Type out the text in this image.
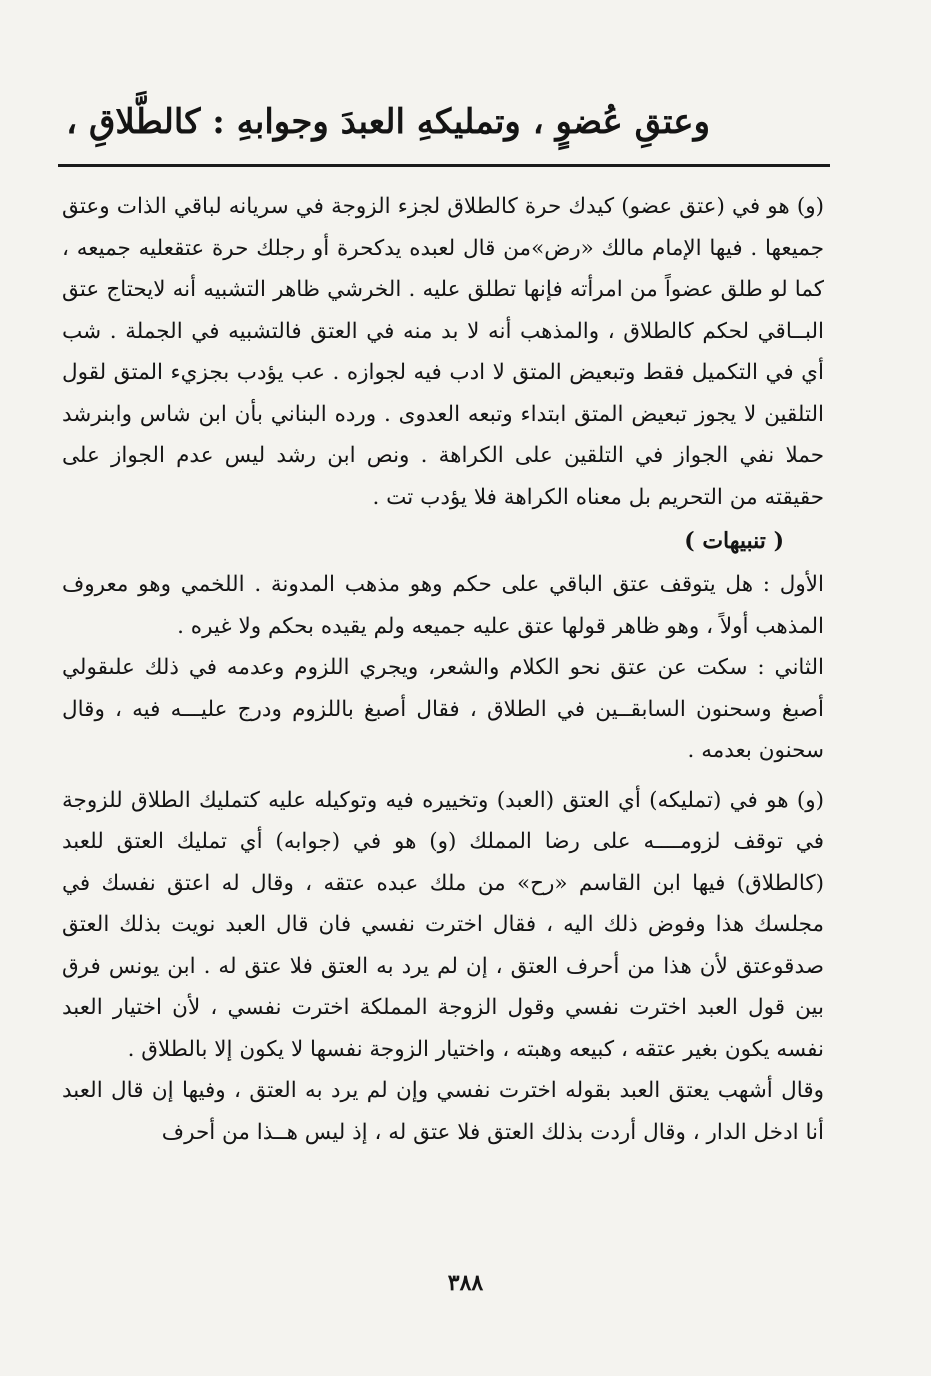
وعتقِ عُضوٍ ، وتمليكهِ العبدَ وجوابهِ : كالطَّلاقِ ،

(و) هو في (عتق عضو) كيدك حرة كالطلاق لجزء الزوجة في سريانه لباقي الذات وعتق جميعها . فيها الإمام مالك «رض»من قال لعبده يدكحرة أو رجلك حرة عتقعليه جميعه ، كما لو طلق عضواً من امرأته فإنها تطلق عليه . الخرشي ظاهر التشبيه أنه لايحتاج عتق البــاقي لحكم كالطلاق ، والمذهب أنه لا بد منه في العتق فالتشبيه في الجملة . شب أي في التكميل فقط وتبعيض المتق لا ادب فيه لجوازه . عب يؤدب بجزيء المتق لقول التلقين لا يجوز تبعيض المتق ابتداء وتبعه العدوى . ورده البناني بأن ابن شاس وابنرشد حملا نفي الجواز في التلقين على الكراهة . ونص ابن رشد ليس عدم الجواز على حقيقته من التحريم بل معناه الكراهة فلا يؤدب تت .

( تنبيهات )

الأول : هل يتوقف عتق الباقي على حكم وهو مذهب المدونة . اللخمي وهو معروف المذهب أولاً ، وهو ظاهر قولها عتق عليه جميعه ولم يقيده بحكم ولا غيره .

الثاني : سكت عن عتق نحو الكلام والشعر، ويجري اللزوم وعدمه في ذلك علىقولي أصبغ وسحنون السابقــين في الطلاق ، فقال أصبغ باللزوم ودرج عليـــه فيه ، وقال سحنون بعدمه .

(و) هو في (تمليكه) أي العتق (العبد) وتخييره فيه وتوكيله عليه كتمليك الطلاق للزوجة في توقف لزومــــه على رضا المملك (و) هو في (جوابه) أي تمليك العتق للعبد (كالطلاق) فيها ابن القاسم «رح» من ملك عبده عتقه ، وقال له اعتق نفسك في مجلسك هذا وفوض ذلك اليه ، فقال اخترت نفسي فان قال العبد نويت بذلك العتق صدقوعتق لأن هذا من أحرف العتق ، إن لم يرد به العتق فلا عتق له . ابن يونس فرق بين قول العبد اخترت نفسي وقول الزوجة المملكة اخترت نفسي ، لأن اختيار العبد نفسه يكون بغير عتقه ، كبيعه وهبته ، واختيار الزوجة نفسها لا يكون إلا بالطلاق .

وقال أشهب يعتق العبد بقوله اخترت نفسي وإن لم يرد به العتق ، وفيها إن قال العبد أنا ادخل الدار ، وقال أردت بذلك العتق فلا عتق له ، إذ ليس هــذا من أحرف

٣٨٨
